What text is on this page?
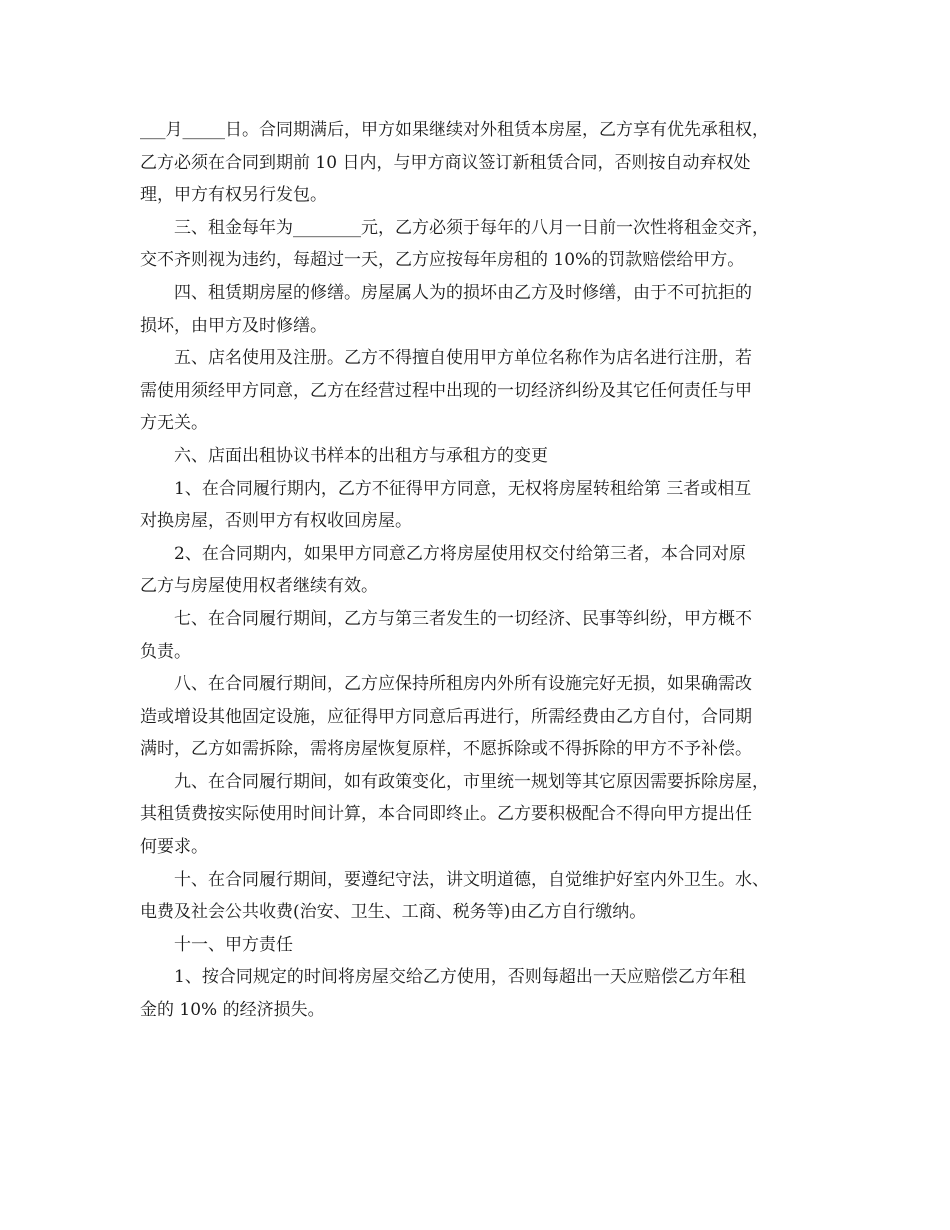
___月_____日。合同期满后，甲方如果继续对外租赁本房屋，乙方享有优先承租权，
乙方必须在合同到期前 10 日内，与甲方商议签订新租赁合同，否则按自动弃权处
理，甲方有权另行发包。
三、租金每年为________元，乙方必须于每年的八月一日前一次性将租金交齐，
交不齐则视为违约，每超过一天，乙方应按每年房租的 10%的罚款赔偿给甲方。
四、租赁期房屋的修缮。房屋属人为的损坏由乙方及时修缮，由于不可抗拒的
损坏，由甲方及时修缮。
五、店名使用及注册。乙方不得擅自使用甲方单位名称作为店名进行注册，若
需使用须经甲方同意，乙方在经营过程中出现的一切经济纠纷及其它任何责任与甲
方无关。
六、店面出租协议书样本的出租方与承租方的变更
1、在合同履行期内，乙方不征得甲方同意，无权将房屋转租给第 三者或相互
对换房屋，否则甲方有权收回房屋。
2、在合同期内，如果甲方同意乙方将房屋使用权交付给第三者，本合同对原
乙方与房屋使用权者继续有效。
七、在合同履行期间，乙方与第三者发生的一切经济、民事等纠纷，甲方概不
负责。
八、在合同履行期间，乙方应保持所租房内外所有设施完好无损，如果确需改
造或增设其他固定设施，应征得甲方同意后再进行，所需经费由乙方自付，合同期
满时，乙方如需拆除，需将房屋恢复原样，不愿拆除或不得拆除的甲方不予补偿。
九、在合同履行期间，如有政策变化，市里统一规划等其它原因需要拆除房屋，
其租赁费按实际使用时间计算，本合同即终止。乙方要积极配合不得向甲方提出任
何要求。
十、在合同履行期间，要遵纪守法，讲文明道德，自觉维护好室内外卫生。水、
电费及社会公共收费(治安、卫生、工商、税务等)由乙方自行缴纳。
十一、甲方责任
1、按合同规定的时间将房屋交给乙方使用，否则每超出一天应赔偿乙方年租
金的 10% 的经济损失。
